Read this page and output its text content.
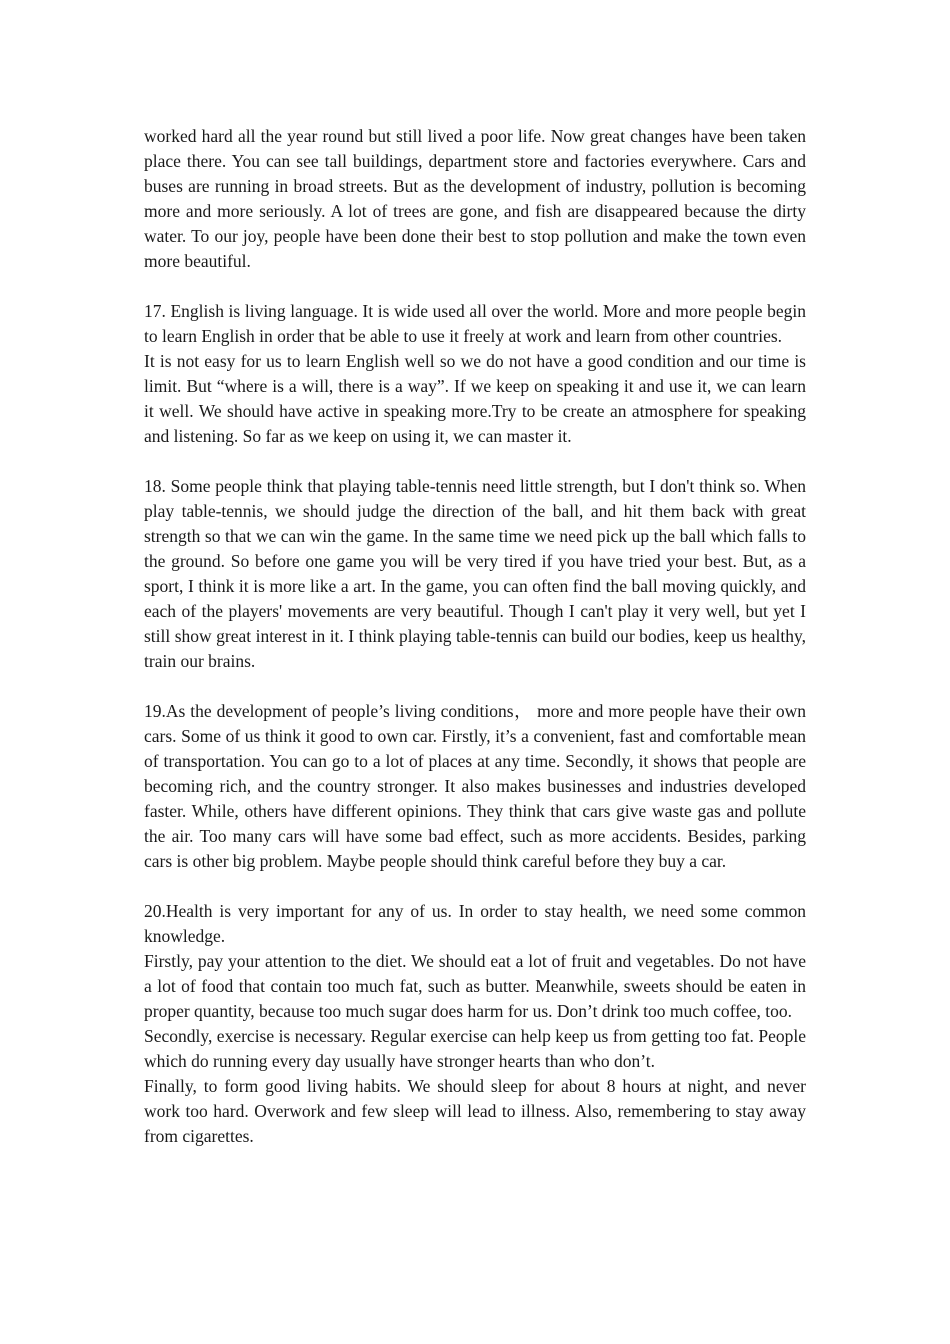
worked hard all the year round but still lived a poor life. Now great changes have been taken place there. You can see tall buildings, department store and factories everywhere. Cars and buses are running in broad streets. But as the development of industry, pollution is becoming more and more seriously. A lot of trees are gone, and fish are disappeared because the dirty water. To our joy, people have been done their best to stop pollution and make the town even more beautiful.

17. English is living language. It is wide used all over the world. More and more people begin to learn English in order that be able to use it freely at work and learn from other countries.

It is not easy for us to learn English well so we do not have a good condition and our time is limit. But “where is a will, there is a way”. If we keep on speaking it and use it, we can learn it well. We should have active in speaking more.Try to be create an atmosphere for speaking and listening. So far as we keep on using it, we can master it.

18. Some people think that playing table-tennis need little strength, but I don't think so. When play table-tennis, we should judge the direction of the ball, and hit them back with great strength so that we can win the game. In the same time we need pick up the ball which falls to the ground. So before one game you will be very tired if you have tried your best. But, as a sport, I think it is more like a art. In the game, you can often find the ball moving quickly, and each of the players' movements are very beautiful. Though I can't play it very well, but yet I still show great interest in it. I think playing table-tennis can build our bodies, keep us healthy, train our brains.

19.As the development of people’s living conditions， more and more people have their own cars. Some of us think it good to own car. Firstly, it’s a convenient, fast and comfortable mean of transportation. You can go to a lot of places at any time. Secondly, it shows that people are becoming rich, and the country stronger. It also makes businesses and industries developed faster. While, others have different opinions. They think that cars give waste gas and pollute the air. Too many cars will have some bad effect, such as more accidents. Besides, parking cars is other big problem. Maybe people should think careful before they buy a car.

20.Health is very important for any of us. In order to stay health, we need some common knowledge.

Firstly, pay your attention to the diet. We should eat a lot of fruit and vegetables. Do not have a lot of food that contain too much fat, such as butter. Meanwhile, sweets should be eaten in proper quantity, because too much sugar does harm for us. Don’t drink too much coffee, too.

Secondly, exercise is necessary. Regular exercise can help keep us from getting too fat. People which do running every day usually have stronger hearts than who don’t.

Finally, to form good living habits. We should sleep for about 8 hours at night, and never work too hard. Overwork and few sleep will lead to illness. Also, remembering to stay away from cigarettes.
